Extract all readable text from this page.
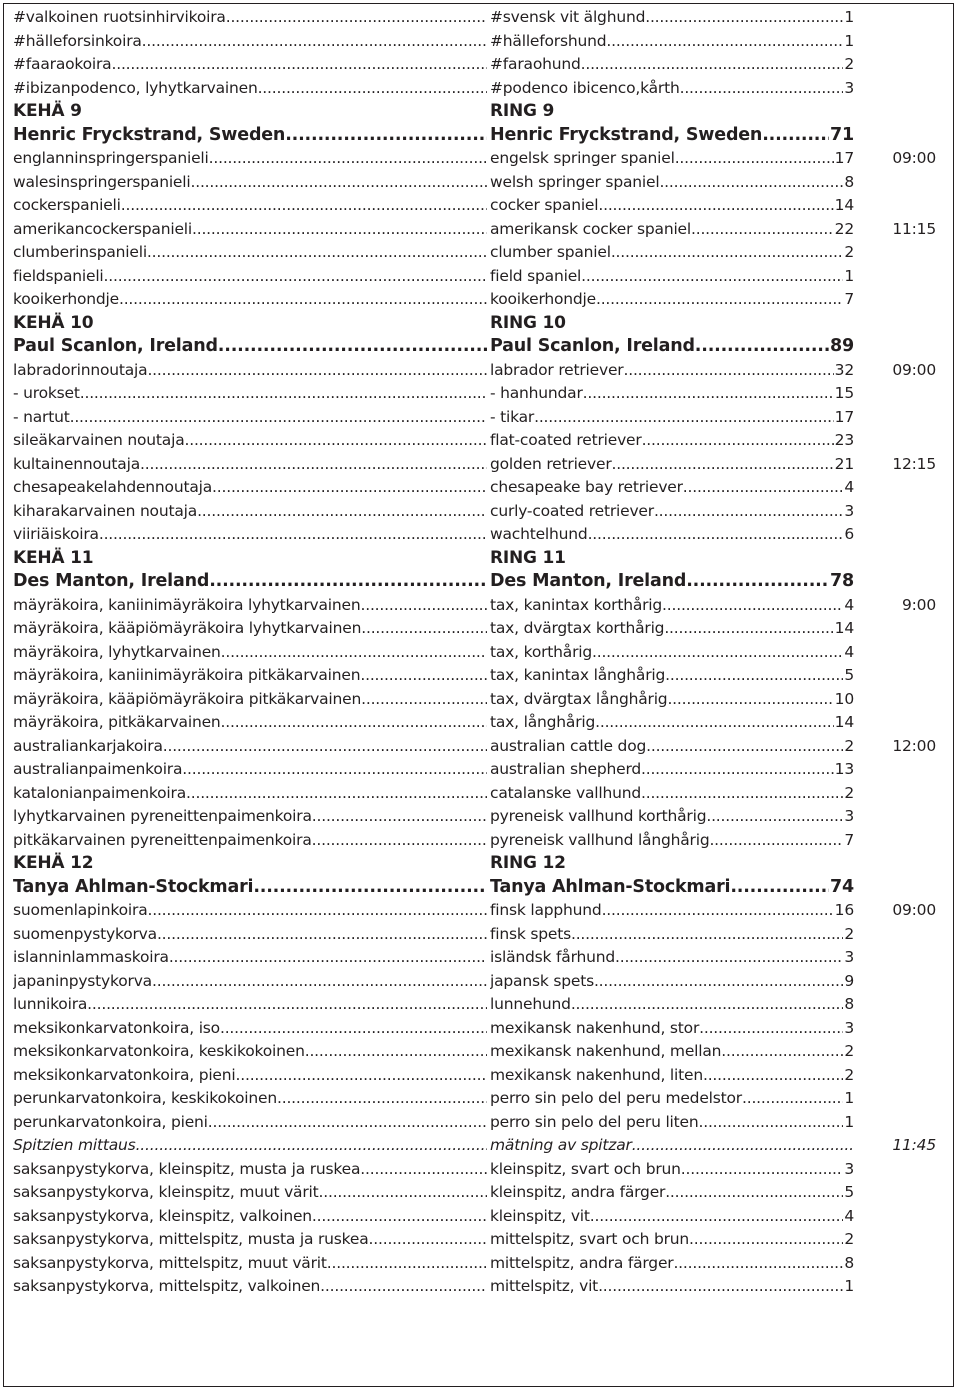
#valkoinen ruotsinhirvikoira .....	#svensk vit älghund .....	1
#hälleforsinkoira .....	#hälleforshund .....	1
#faaraokoira .....	#faraohund .....	2
#ibizanpodenco, lyhytkarvainen .....	#podenco ibicenco,kårth. .....	3
KEHÄ 9	RING 9
Henric Fryckstrand, Sweden .....	Henric Fryckstrand, Sweden .....	71
englanninspringerspanieli .....	engelsk springer spaniel .....	17 09:00
walesinspringerspanieli .....	welsh springer spaniel .....	8
cockerspanieli .....	cocker spaniel .....	14
amerikancockerspanieli .....	amerikansk cocker spaniel .....	22 11:15
clumberinspanieli .....	clumber spaniel .....	2
fieldspanieli .....	field spaniel .....	1
kooikerhondje .....	kooikerhondje .....	7
KEHÄ 10	RING 10
Paul Scanlon, Ireland .....	Paul Scanlon, Ireland .....	89
labradorinnoutaja .....	labrador retriever .....	32 09:00
- urokset .....	- hanhundar .....	15
- nartut .....	- tikar .....	17
sileäkarvainen noutaja .....	flat-coated retriever .....	23
kultainennoutaja .....	golden retriever .....	21 12:15
chesapeakelahdennoutaja .....	chesapeake bay retriever .....	4
kiharakarvainen noutaja .....	curly-coated retriever .....	3
viiriäiskoira .....	wachtelhund .....	6
KEHÄ 11	RING 11
Des Manton, Ireland .....	Des Manton, Ireland .....	78
mäyräkoira, kaniinimäyräkoira lyhytkarvainen .....	tax, kanintax korthårig .....	4	9:00
mäyräkoira, kääpiömäyräkoira lyhytkarvainen .....	tax, dvärgtax korthårig .....	14
mäyräkoira, lyhytkarvainen .....	tax, korthårig .....	4
mäyräkoira, kaniinimäyräkoira pitkäkarvainen .....	tax, kanintax långhårig .....	5
mäyräkoira, kääpiömäyräkoira pitkäkarvainen .....	tax, dvärgtax långhårig .....	10
mäyräkoira, pitkäkarvainen .....	tax, långhårig .....	14
australiankarjakoira .....	australian cattle dog .....	2 12:00
australianpaimenkoira .....	australian shepherd .....	13
katalonianpaimenkoira .....	catalanske vallhund .....	2
lyhytkarvainen pyreneittenpaimenkoira .....	pyreneisk vallhund korthårig .....	3
pitkäkarvainen pyreneittenpaimenkoira .....	pyreneisk vallhund långhårig .....	7
KEHÄ 12	RING 12
Tanya Ahlman-Stockmari .....	Tanya Ahlman-Stockmari .....	74
suomenlapinkoira .....	finsk lapphund .....	16 09:00
suomenpystykorva .....	finsk spets .....	2
islanninlammaskoira .....	isländsk fårhund .....	3
japaninpystykorva .....	japansk spets .....	9
lunnikoira .....	lunnehund .....	8
meksikonkarvatonkoira, iso .....	mexikansk nakenhund, stor .....	3
meksikonkarvatonkoira, keskikokoinen .....	mexikansk nakenhund, mellan .....	2
meksikonkarvatonkoira, pieni .....	mexikansk nakenhund, liten .....	2
perunkarvatonkoira, keskikokoinen .....	perro sin pelo del peru medelstor .....	1
perunkarvatonkoira, pieni .....	perro sin pelo del peru liten .....	1
Spitzien mittaus .....	mätning av spitzar .....	11:45
saksanpystykorva, kleinspitz, musta ja ruskea .....	kleinspitz, svart och brun .....	3
saksanpystykorva, kleinspitz, muut värit .....	kleinspitz, andra färger .....	5
saksanpystykorva, kleinspitz, valkoinen .....	kleinspitz, vit .....	4
saksanpystykorva, mittelspitz, musta ja ruskea .....	mittelspitz, svart och brun .....	2
saksanpystykorva, mittelspitz, muut värit .....	mittelspitz, andra färger .....	8
saksanpystykorva, mittelspitz, valkoinen .....	mittelspitz, vit .....	1
